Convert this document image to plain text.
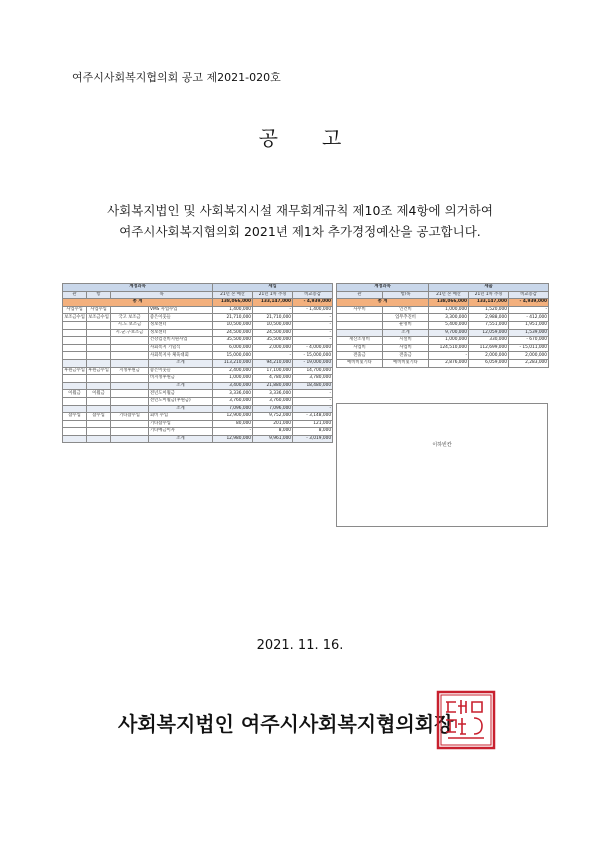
여주시사회복지협의회 공고 제2021-020호
공 고
사회복지법인 및 사회복지시설 재무회계규칙 제10조 제4항에 의거하여
여주시사회복지협의회 2021년 제1차 추가경정예산을 공고합니다.
계정과목				세입		
관	항	목		21년 본 예산	21년 1차 추경	비교증감
총 계				138,066,000	133,147,000	- 4,939,000
사업수입	사업수입		VMS 사업수입	1,400,000	-	- 1,400,000
보조금수입	보조금수입	국고 보조금	좋은이웃들	21,710,000	21,710,000	-
		시.도 보조금	정보센터	10,500,000	10,500,000	-
		시.군.구보조금	정보센터	24,500,000	24,500,000	-
			건강검진비지원사업	35,500,000	35,500,000	-
			사회복지 기념식	6,000,000	2,000,000	- 4,000,000
			사회복지사 체육대회	15,000,000	-	- 15,000,000
			소계	113,210,000	94,210,000	- 19,000,000
후원금수입	후원금수입	지정후원금	좋은이웃들	2,400,000	17,100,000	14,700,000
			비지정후원금	1,000,000	4,780,000	3,780,000
			소계	3,400,000	21,880,000	18,480,000
이월금	이월금		전년도이월금	3,336,000	3,336,000	-
			전년도이월금(후원금)	3,760,000	3,760,000	-
			소계	7,096,000	7,096,000	-
잡수입	잡수입	기타잡수입	회비 수입	12,900,000	9,752,000	- 3,148,000
			기타잡수입	80,000	201,000	121,000
			기타예금이자	-	8,000	8,000
			소계	12,980,000	9,961,000	- 3,019,000
계정과목		세출		
관	항/목	21년 본 예산	21년 1차 추경	비교증감
총 계		138,066,000	133,147,000	- 4,939,000
사무비	인건비	1,000,000	1,520,000	-
	업무추진비	3,300,000	2,988,000	- 412,000
	운영비	5,400,000	7,551,000	1,951,000
	소계	9,700,000	12,059,000	1,539,000
재산조성비	시설비	1,000,000	330,000	- 670,000
사업비	사업비	124,510,000	112,699,000	- 15,011,000
전출금	전출금	-	2,000,000	2,000,000
예비비및기타	예비비및기타	2,876,000	6,059,000	2,283,000
이하빈칸
2021. 11. 16.
사회복지법인 여주시사회복지협의회장
